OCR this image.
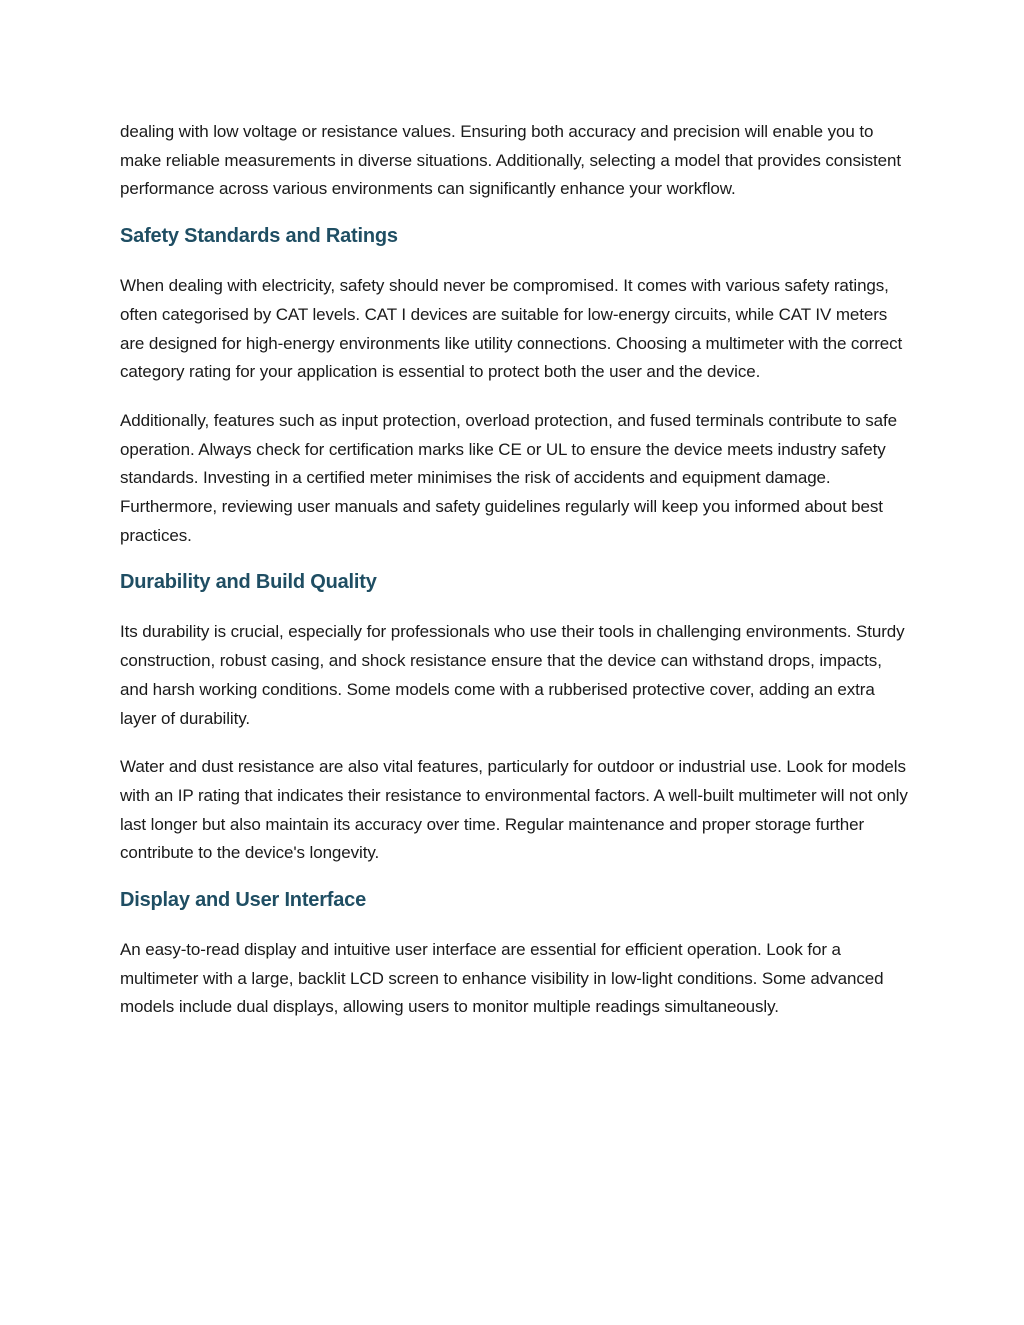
dealing with low voltage or resistance values. Ensuring both accuracy and precision will enable you to make reliable measurements in diverse situations. Additionally, selecting a model that provides consistent performance across various environments can significantly enhance your workflow.

Safety Standards and Ratings

When dealing with electricity, safety should never be compromised. It comes with various safety ratings, often categorised by CAT levels. CAT I devices are suitable for low-energy circuits, while CAT IV meters are designed for high-energy environments like utility connections. Choosing a multimeter with the correct category rating for your application is essential to protect both the user and the device.

Additionally, features such as input protection, overload protection, and fused terminals contribute to safe operation. Always check for certification marks like CE or UL to ensure the device meets industry safety standards. Investing in a certified meter minimises the risk of accidents and equipment damage. Furthermore, reviewing user manuals and safety guidelines regularly will keep you informed about best practices.

Durability and Build Quality

Its durability is crucial, especially for professionals who use their tools in challenging environments. Sturdy construction, robust casing, and shock resistance ensure that the device can withstand drops, impacts, and harsh working conditions. Some models come with a rubberised protective cover, adding an extra layer of durability.

Water and dust resistance are also vital features, particularly for outdoor or industrial use. Look for models with an IP rating that indicates their resistance to environmental factors. A well-built multimeter will not only last longer but also maintain its accuracy over time. Regular maintenance and proper storage further contribute to the device's longevity.

Display and User Interface

An easy-to-read display and intuitive user interface are essential for efficient operation. Look for a multimeter with a large, backlit LCD screen to enhance visibility in low-light conditions. Some advanced models include dual displays, allowing users to monitor multiple readings simultaneously.
